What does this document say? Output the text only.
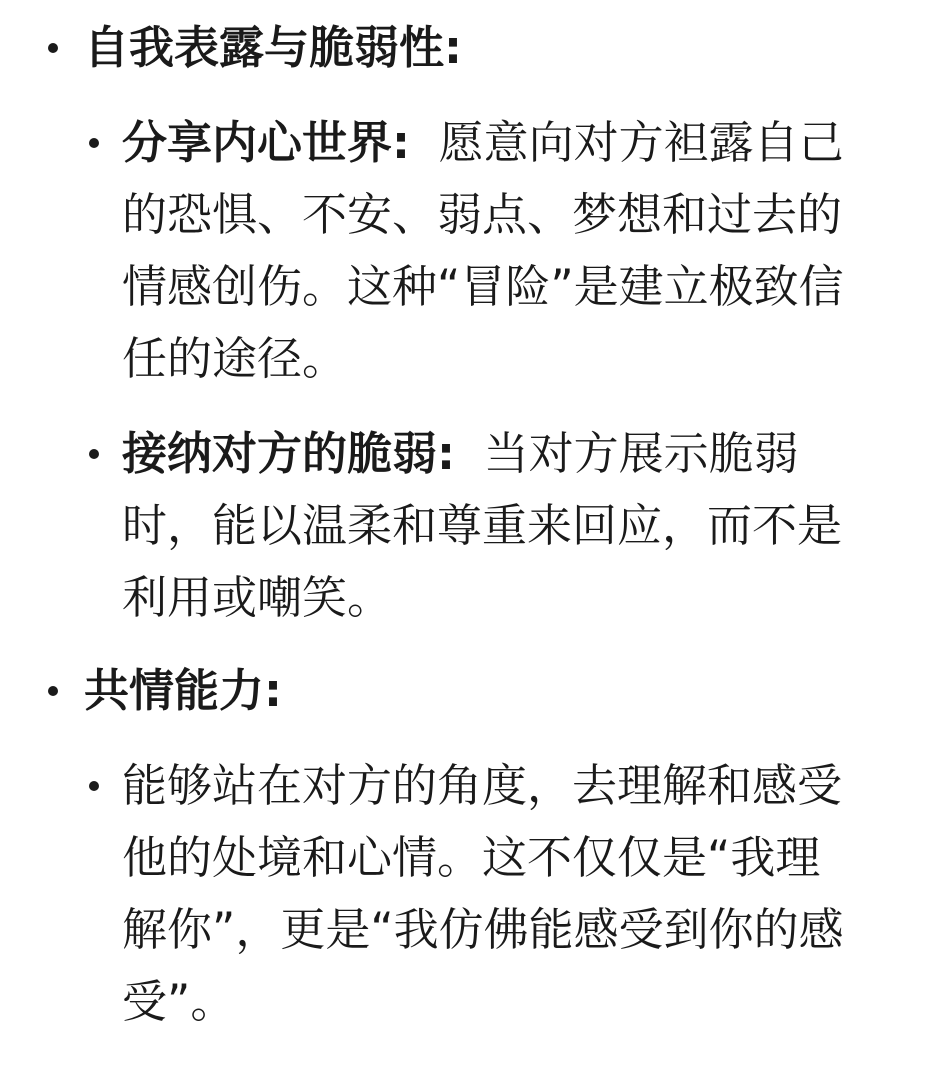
自我表露与脆弱性:
分享内心世界:  愿意向对方袒露自己
的恐惧、不安、弱点、梦想和过去的
情感创伤。这种“冒险”是建立极致信
任的途径。
接纳对方的脆弱:  当对方展示脆弱
时，能以温柔和尊重来回应，而不是
利用或嘲笑。
共情能力:
能够站在对方的角度，去理解和感受
他的处境和心情。这不仅仅是“我理
解你”，更是“我仿佛能感受到你的感
受”。
